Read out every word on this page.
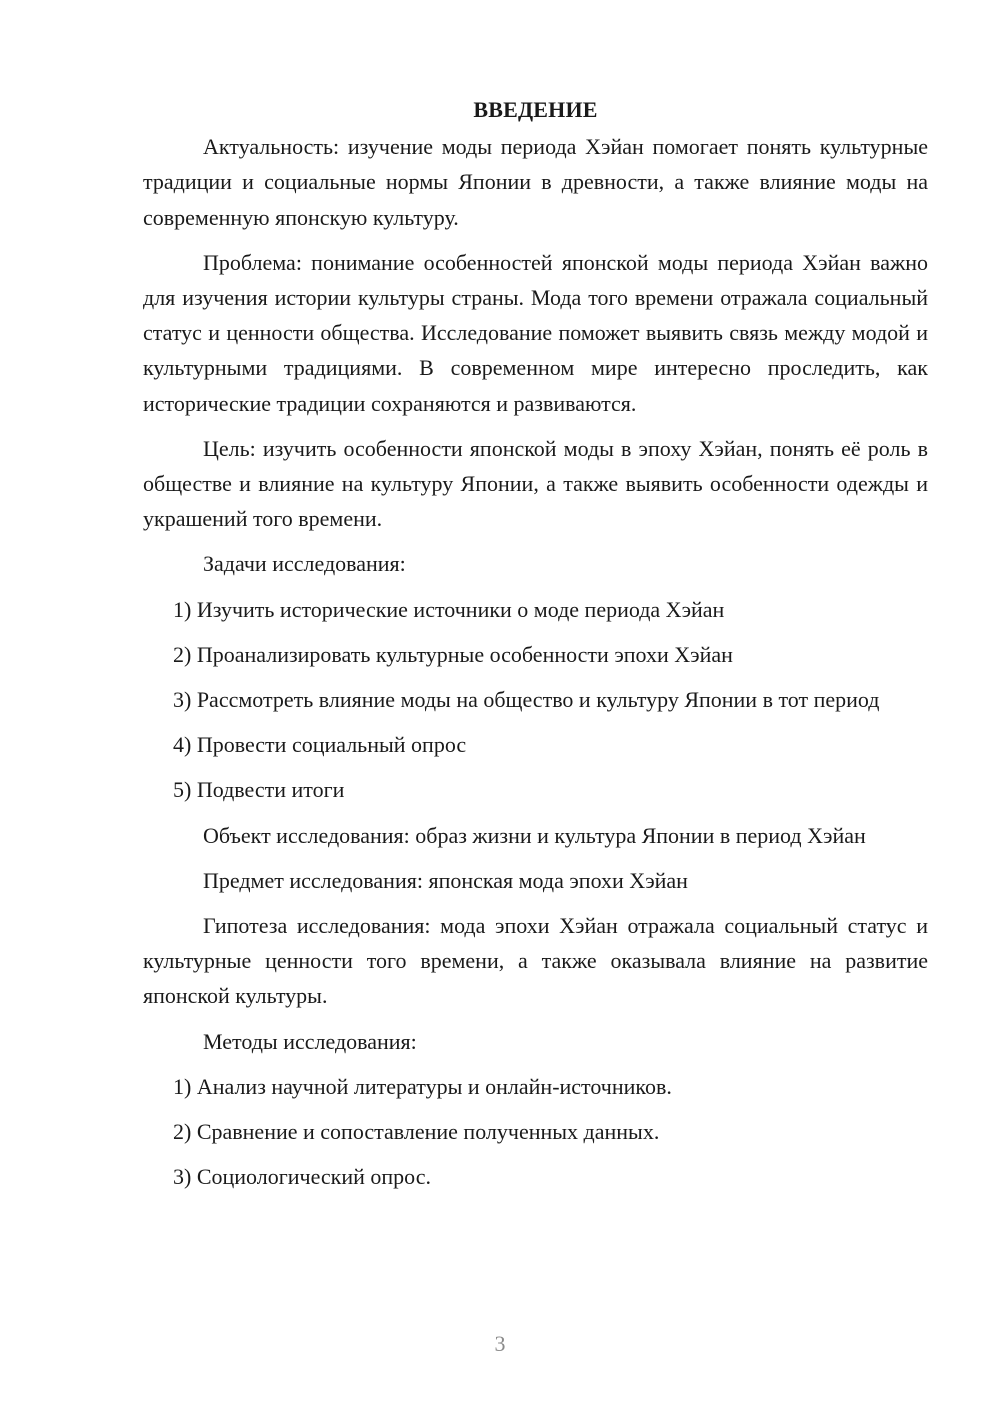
ВВЕДЕНИЕ

Актуальность: изучение моды периода Хэйан помогает понять культурные традиции и социальные нормы Японии в древности, а также влияние моды на современную японскую культуру.

Проблема: понимание особенностей японской моды периода Хэйан важно для изучения истории культуры страны. Мода того времени отражала социальный статус и ценности общества. Исследование поможет выявить связь между модой и культурными традициями. В современном мире интересно проследить, как исторические традиции сохраняются и развиваются.

Цель: изучить особенности японской моды в эпоху Хэйан, понять её роль в обществе и влияние на культуру Японии, а также выявить особенности одежды и украшений того времени.

Задачи исследования:

1) Изучить исторические источники о моде периода Хэйан

2) Проанализировать культурные особенности эпохи Хэйан

3) Рассмотреть влияние моды на общество и культуру Японии в тот период

4) Провести социальный опрос

5) Подвести итоги

Объект исследования: образ жизни и культура Японии в период Хэйан

Предмет исследования: японская мода эпохи Хэйан

Гипотеза исследования: мода эпохи Хэйан отражала социальный статус и культурные ценности того времени, а также оказывала влияние на развитие японской культуры.

Методы исследования:

1) Анализ научной литературы и онлайн-источников.

2) Сравнение и сопоставление полученных данных.

3) Социологический опрос.

3
